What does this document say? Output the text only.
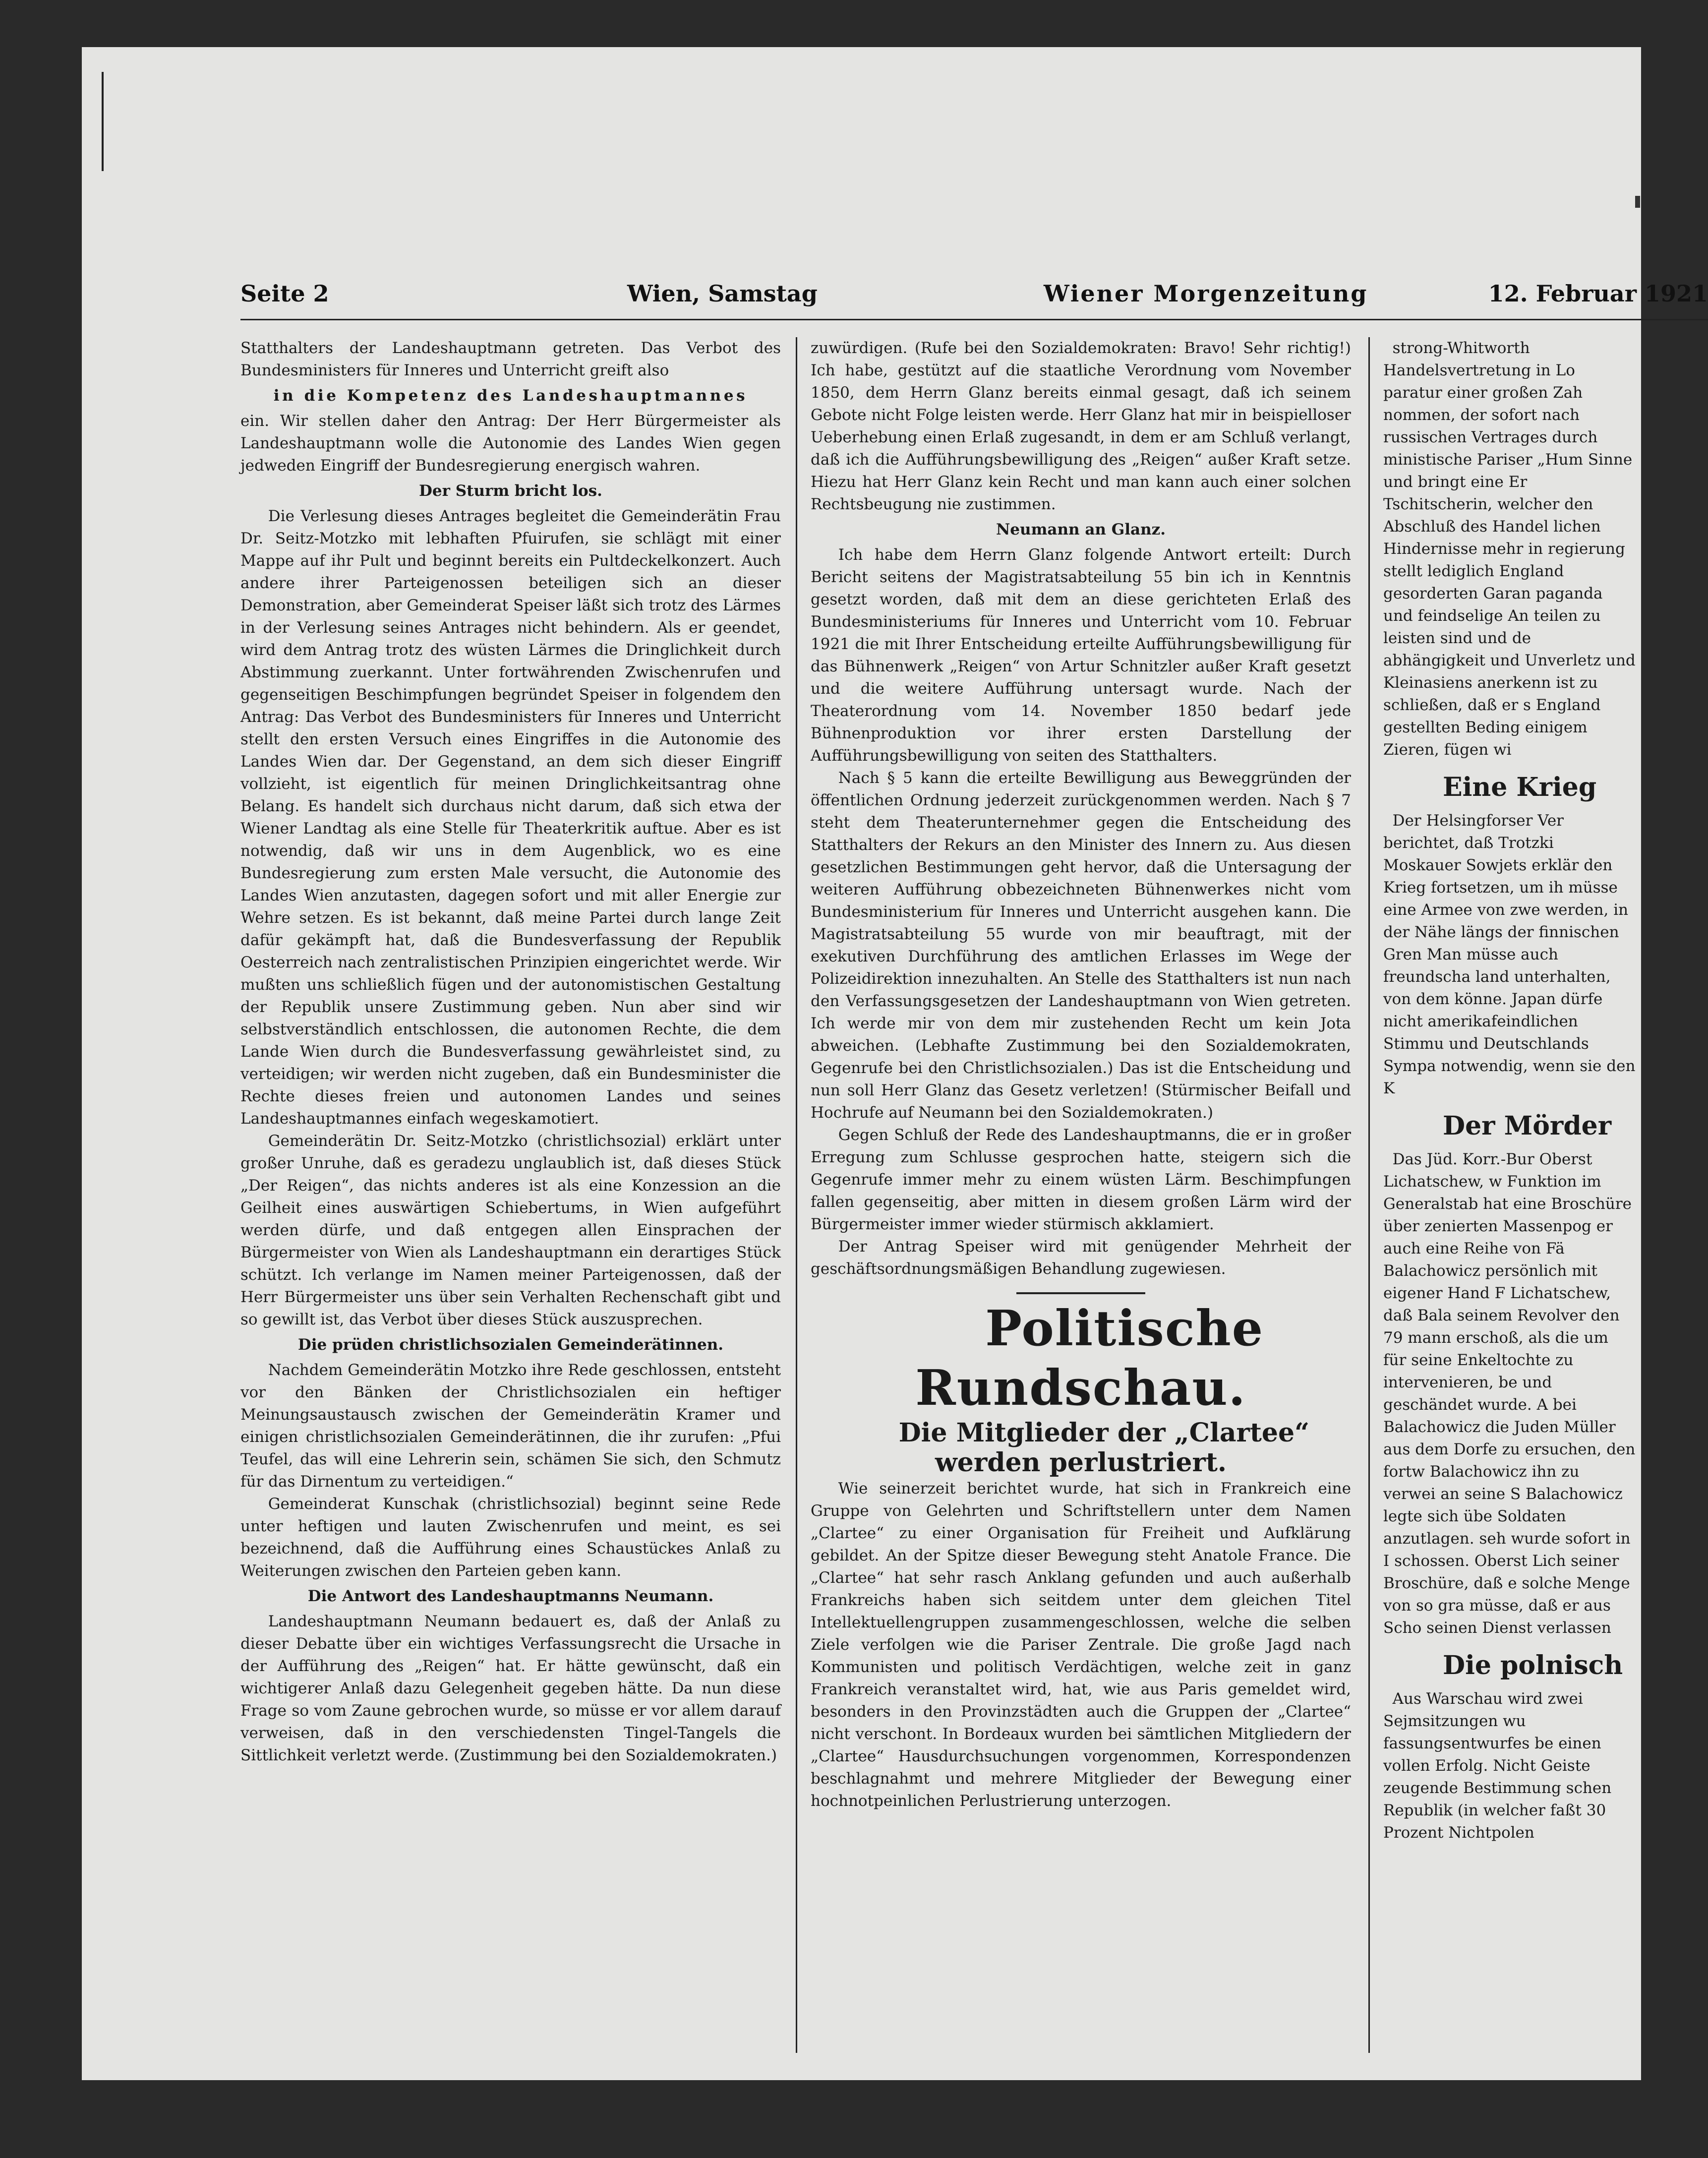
Seite 2	Wien, Samstag	Wiener Morgenzeitung	12. Februar 1921

Statthalters der Landeshauptmann getreten. Das Verbot des Bundesministers für Inneres und Unterricht greift also

in die Kompetenz des Landeshauptmannes

ein. Wir stellen daher den Antrag: Der Herr Bürgermeister als Landeshauptmann wolle die Autonomie des Landes Wien gegen jedweden Eingriff der Bundesregierung energisch wahren.

Der Sturm bricht los.

Die Verlesung dieses Antrages begleitet die Gemeinderätin Frau Dr. Seitz-Motzko mit lebhaften Pfuirufen, sie schlägt mit einer Mappe auf ihr Pult und beginnt bereits ein Pultdeckelkonzert. Auch andere ihrer Parteigenossen beteiligen sich an dieser Demonstration, aber Gemeinderat Speiser läßt sich trotz des Lärmes in der Verlesung seines Antrages nicht behindern. Als er geendet, wird dem Antrag trotz des wüsten Lärmes die Dringlichkeit durch Abstimmung zuerkannt. Unter fortwährenden Zwischenrufen und gegenseitigen Beschimpfungen begründet Speiser in folgendem den Antrag: Das Verbot des Bundesministers für Inneres und Unterricht stellt den ersten Versuch eines Eingriffes in die Autonomie des Landes Wien dar. Der Gegenstand, an dem sich dieser Eingriff vollzieht, ist eigentlich für meinen Dringlichkeitsantrag ohne Belang. Es handelt sich durchaus nicht darum, daß sich etwa der Wiener Landtag als eine Stelle für Theaterkritik auftue. Aber es ist notwendig, daß wir uns in dem Augenblick, wo es eine Bundesregierung zum ersten Male versucht, die Autonomie des Landes Wien anzutasten, dagegen sofort und mit aller Energie zur Wehre setzen. Es ist bekannt, daß meine Partei durch lange Zeit dafür gekämpft hat, daß die Bundesverfassung der Republik Oesterreich nach zentralistischen Prinzipien eingerichtet werde. Wir mußten uns schließlich fügen und der autonomistischen Gestaltung der Republik unsere Zustimmung geben. Nun aber sind wir selbstverständlich entschlossen, die autonomen Rechte, die dem Lande Wien durch die Bundesverfassung gewährleistet sind, zu verteidigen; wir werden nicht zugeben, daß ein Bundesminister die Rechte dieses freien und autonomen Landes und seines Landeshauptmannes einfach wegeskamotiert.

Gemeinderätin Dr. Seitz-Motzko (christlichsozial) erklärt unter großer Unruhe, daß es geradezu unglaublich ist, daß dieses Stück „Der Reigen“, das nichts anderes ist als eine Konzession an die Geilheit eines auswärtigen Schiebertums, in Wien aufgeführt werden dürfe, und daß entgegen allen Einsprachen der Bürgermeister von Wien als Landeshauptmann ein derartiges Stück schützt. Ich verlange im Namen meiner Parteigenossen, daß der Herr Bürgermeister uns über sein Verhalten Rechenschaft gibt und so gewillt ist, das Verbot über dieses Stück auszusprechen.

Die prüden christlichsozialen Gemeinderätinnen.

Nachdem Gemeinderätin Motzko ihre Rede geschlossen, entsteht vor den Bänken der Christlichsozialen ein heftiger Meinungsaustausch zwischen der Gemeinderätin Kramer und einigen christlichsozialen Gemeinderätinnen, die ihr zurufen: „Pfui Teufel, das will eine Lehrerin sein, schämen Sie sich, den Schmutz für das Dirnentum zu verteidigen.“

Gemeinderat Kunschak (christlichsozial) beginnt seine Rede unter heftigen und lauten Zwischenrufen und meint, es sei bezeichnend, daß die Aufführung eines Schaustückes Anlaß zu Weiterungen zwischen den Parteien geben kann.

Die Antwort des Landeshauptmanns Neumann.

Landeshauptmann Neumann bedauert es, daß der Anlaß zu dieser Debatte über ein wichtiges Verfassungsrecht die Ursache in der Aufführung des „Reigen“ hat. Er hätte gewünscht, daß ein wichtigerer Anlaß dazu Gelegenheit gegeben hätte. Da nun diese Frage so vom Zaune gebrochen wurde, so müsse er vor allem darauf verweisen, daß in den verschiedensten Tingel-Tangels die Sittlichkeit verletzt werde. (Zustimmung bei den Sozialdemokraten.)

zuwürdigen. (Rufe bei den Sozialdemokraten: Bravo! Sehr richtig!) Ich habe, gestützt auf die staatliche Verordnung vom November 1850, dem Herrn Glanz bereits einmal gesagt, daß ich seinem Gebote nicht Folge leisten werde. Herr Glanz hat mir in beispielloser Ueberhebung einen Erlaß zugesandt, in dem er am Schluß verlangt, daß ich die Aufführungsbewilligung des „Reigen“ außer Kraft setze. Hiezu hat Herr Glanz kein Recht und man kann auch einer solchen Rechtsbeugung nie zustimmen.

Neumann an Glanz.

Ich habe dem Herrn Glanz folgende Antwort erteilt: Durch Bericht seitens der Magistratsabteilung 55 bin ich in Kenntnis gesetzt worden, daß mit dem an diese gerichteten Erlaß des Bundesministeriums für Inneres und Unterricht vom 10. Februar 1921 die mit Ihrer Entscheidung erteilte Aufführungsbewilligung für das Bühnenwerk „Reigen“ von Artur Schnitzler außer Kraft gesetzt und die weitere Aufführung untersagt wurde. Nach der Theaterordnung vom 14. November 1850 bedarf jede Bühnenproduktion vor ihrer ersten Darstellung der Aufführungsbewilligung von seiten des Statthalters.

Nach § 5 kann die erteilte Bewilligung aus Beweggründen der öffentlichen Ordnung jederzeit zurückgenommen werden. Nach § 7 steht dem Theaterunternehmer gegen die Entscheidung des Statthalters der Rekurs an den Minister des Innern zu. Aus diesen gesetzlichen Bestimmungen geht hervor, daß die Untersagung der weiteren Aufführung obbezeichneten Bühnenwerkes nicht vom Bundesministerium für Inneres und Unterricht ausgehen kann. Die Magistratsabteilung 55 wurde von mir beauftragt, mit der exekutiven Durchführung des amtlichen Erlasses im Wege der Polizeidirektion innezuhalten. An Stelle des Statthalters ist nun nach den Verfassungsgesetzen der Landeshauptmann von Wien getreten. Ich werde mir von dem mir zustehenden Recht um kein Jota abweichen. (Lebhafte Zustimmung bei den Sozialdemokraten, Gegenrufe bei den Christlichsozialen.) Das ist die Entscheidung und nun soll Herr Glanz das Gesetz verletzen! (Stürmischer Beifall und Hochrufe auf Neumann bei den Sozialdemokraten.)

Gegen Schluß der Rede des Landeshauptmanns, die er in großer Erregung zum Schlusse gesprochen hatte, steigern sich die Gegenrufe immer mehr zu einem wüsten Lärm. Beschimpfungen fallen gegenseitig, aber mitten in diesem großen Lärm wird der Bürgermeister immer wieder stürmisch akklamiert.

Der Antrag Speiser wird mit genügender Mehrheit der geschäftsordnungsmäßigen Behandlung zugewiesen.

Politische Rundschau.

Die Mitglieder der „Clartee“ werden perlustriert.

Wie seinerzeit berichtet wurde, hat sich in Frankreich eine Gruppe von Gelehrten und Schriftstellern unter dem Namen „Clartee“ zu einer Organisation für Freiheit und Aufklärung gebildet. An der Spitze dieser Bewegung steht Anatole France. Die „Clartee“ hat sehr rasch Anklang gefunden und auch außerhalb Frankreichs haben sich seitdem unter dem gleichen Titel Intellektuellengruppen zusammengeschlossen, welche die selben Ziele verfolgen wie die Pariser Zentrale. Die große Jagd nach Kommunisten und politisch Verdächtigen, welche zeit in ganz Frankreich veranstaltet wird, hat, wie aus Paris gemeldet wird, besonders in den Provinzstädten auch die Gruppen der „Clartee“ nicht verschont. In Bordeaux wurden bei sämtlichen Mitgliedern der „Clartee“ Hausdurchsuchungen vorgenommen, Korrespondenzen beschlagnahmt und mehrere Mitglieder der Bewegung einer hochnotpeinlichen Perlustrierung unterzogen.

strong-Whitworth Handelsvertretung in Lo paratur einer großen Zah nommen, der sofort nach russischen Vertrages durch ministische Pariser „Hum Sinne und bringt eine Er Tschitscherin, welcher den Abschluß des Handel lichen Hindernisse mehr in regierung stellt lediglich England gesorderten Garan paganda und feindselige An teilen zu leisten sind und de abhängigkeit und Unverletz und Kleinasiens anerkenn ist zu schließen, daß er s England gestellten Beding einigem Zieren, fügen wi

Eine Krieg

Der Helsingforser Ver berichtet, daß Trotzki Moskauer Sowjets erklär den Krieg fortsetzen, um ih müsse eine Armee von zwe werden, in der Nähe längs der finnischen Gren Man müsse auch freundscha land unterhalten, von dem könne. Japan dürfe nicht amerikafeindlichen Stimmu und Deutschlands Sympa notwendig, wenn sie den K

Der Mörder

Das Jüd. Korr.-Bur Oberst Lichatschew, w Funktion im Generalstab hat eine Broschüre über zenierten Massenpog er auch eine Reihe von Fä Balachowicz persönlich mit eigener Hand F Lichatschew, daß Bala seinem Revolver den 79 mann erschoß, als die um für seine Enkeltochte zu intervenieren, be und geschändet wurde. A bei Balachowicz die Juden Müller aus dem Dorfe zu ersuchen, den fortw Balachowicz ihn zu verwei an seine S Balachowicz legte sich übe Soldaten anzutlagen. seh wurde sofort in I schossen. Oberst Lich seiner Broschüre, daß e solche Menge von so gra müsse, daß er aus Scho seinen Dienst verlassen

Die polnisch

Aus Warschau wird zwei Sejmsitzungen wu fassungsentwurfes be einen vollen Erfolg. Nicht Geiste zeugende Bestimmung schen Republik (in welcher faßt 30 Prozent Nichtpolen
